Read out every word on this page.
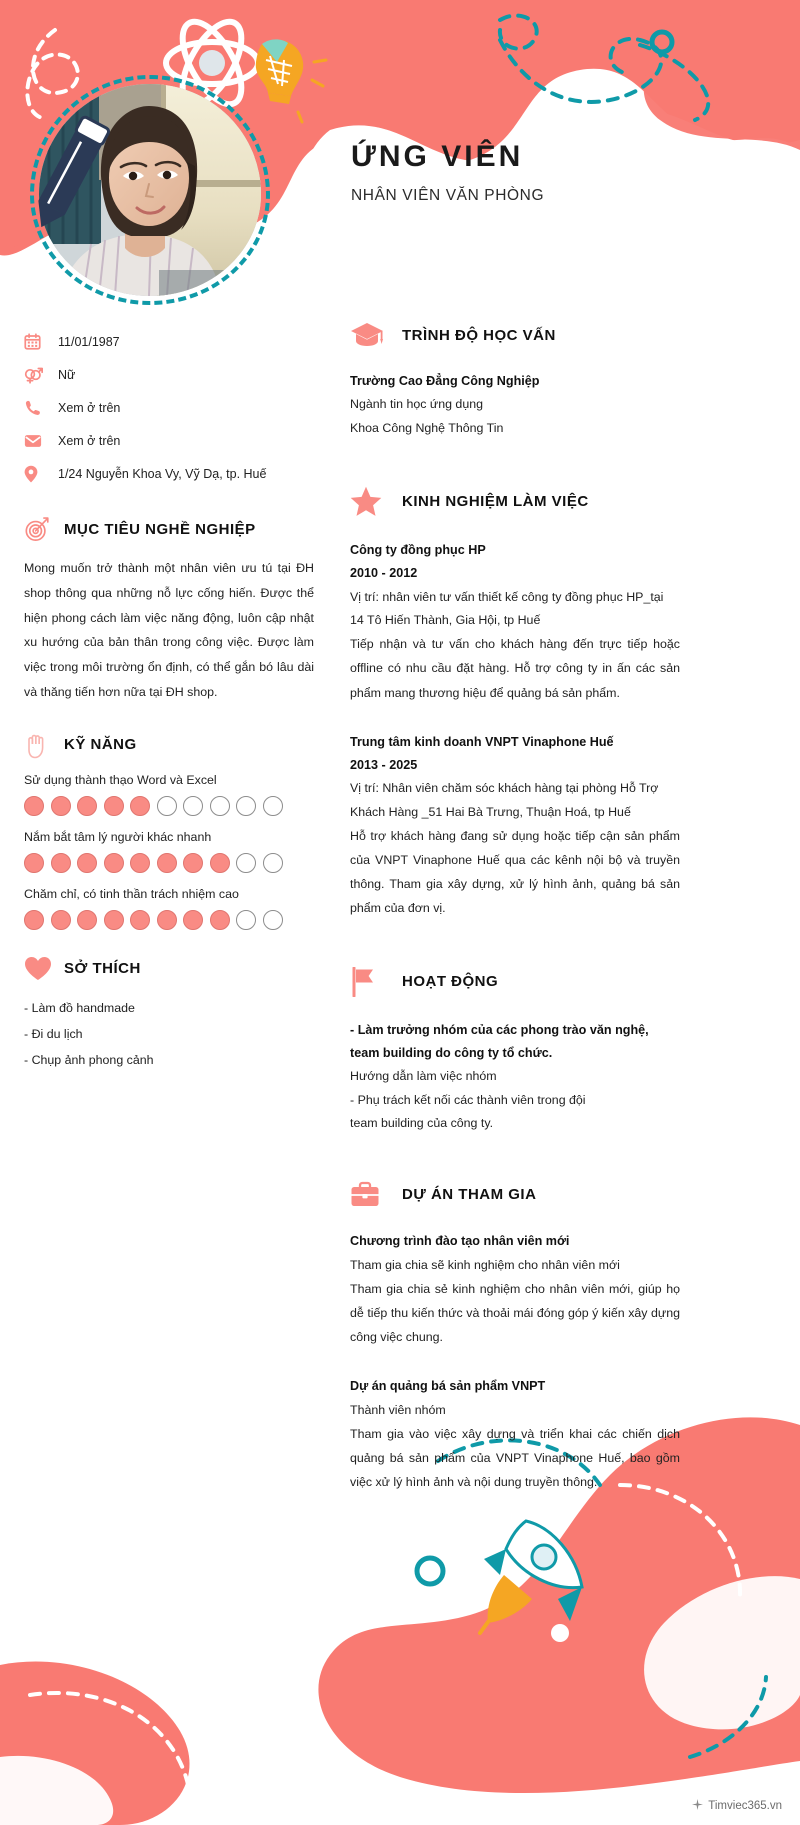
ỨNG VIÊN
NHÂN VIÊN VĂN PHÒNG
11/01/1987
Nữ
Xem ở trên
Xem ở trên
1/24 Nguyễn Khoa Vy, Vỹ Dạ, tp. Huế
MỤC TIÊU NGHỀ NGHIỆP
Mong muốn trở thành một nhân viên ưu tú tại ĐH shop thông qua những nỗ lực cống hiến. Được thể hiện phong cách làm việc năng động, luôn cập nhật xu hướng của bản thân trong công việc. Được làm việc trong môi trường ổn định, có thể gắn bó lâu dài và thăng tiến hơn nữa tại ĐH shop.
KỸ NĂNG
Sử dụng thành thạo Word và Excel
Nắm bắt tâm lý người khác nhanh
Chăm chỉ, có tinh thần trách nhiệm cao
SỞ THÍCH
- Làm đồ handmade
- Đi du lịch
- Chụp ảnh phong cảnh
TRÌNH ĐỘ HỌC VẤN
Trường Cao Đẳng Công Nghiệp
Ngành tin học ứng dụng
Khoa Công Nghệ Thông Tin
KINH NGHIỆM LÀM VIỆC
Công ty đồng phục HP
2010 - 2012
Vị trí: nhân viên tư vấn thiết kế công ty đồng phục HP_tại
14 Tô Hiến Thành, Gia Hội, tp Huế
Tiếp nhận và tư vấn cho khách hàng đến trực tiếp hoặc offline có nhu cầu đặt hàng. Hỗ trợ công ty in ấn các sản phẩm mang thương hiệu để quảng bá sản phẩm.
Trung tâm kinh doanh VNPT Vinaphone Huế
2013 - 2025
Vị trí: Nhân viên chăm sóc khách hàng tại phòng Hỗ Trợ
Khách Hàng _51 Hai Bà Trưng, Thuận Hoá, tp Huế
Hỗ trợ khách hàng đang sử dụng hoặc tiếp cận sản phẩm của VNPT Vinaphone Huế qua các kênh nội bộ và truyền thông. Tham gia xây dựng, xử lý hình ảnh, quảng bá sản phẩm của đơn vị.
HOẠT ĐỘNG
- Làm trưởng nhóm của các phong trào văn nghệ, team building do công ty tổ chức.
Hướng dẫn làm việc nhóm
- Phụ trách kết nối các thành viên trong đội
team building của công ty.
DỰ ÁN THAM GIA
Chương trình đào tạo nhân viên mới
Tham gia chia sẽ kinh nghiệm cho nhân viên mới
Tham gia chia sẻ kinh nghiệm cho nhân viên mới, giúp họ dễ tiếp thu kiến thức và thoải mái đóng góp ý kiến xây dựng công việc chung.
Dự án quảng bá sản phẩm VNPT
Thành viên nhóm
Tham gia vào việc xây dựng và triển khai các chiến dịch quảng bá sản phẩm của VNPT Vinaphone Huế, bao gồm việc xử lý hình ảnh và nội dung truyền thông.
Timviec365.vn
